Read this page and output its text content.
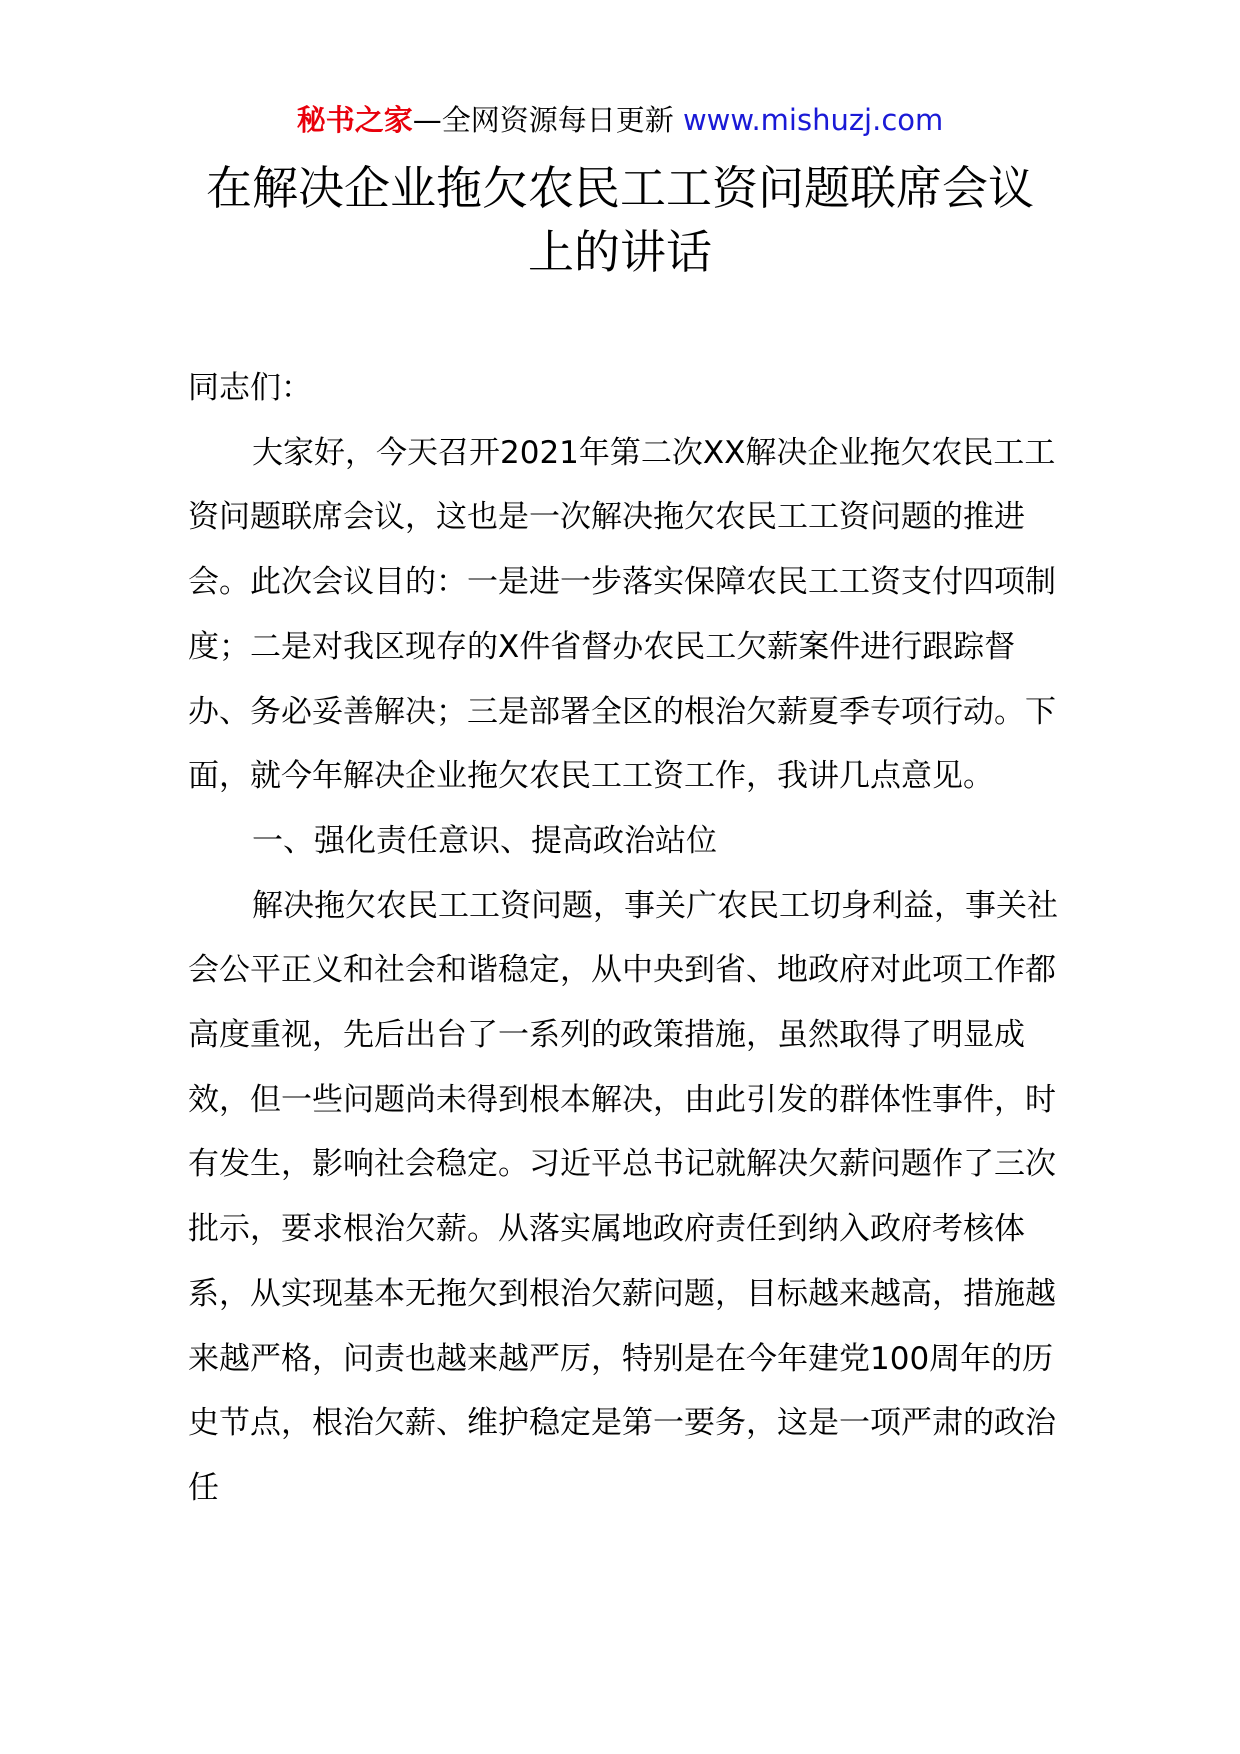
秘书之家—全网资源每日更新 www.mishuzj.com
在解决企业拖欠农民工工资问题联席会议
上的讲话

同志们：

大家好，今天召开2021年第二次XX解决企业拖欠农民工工资问题联席会议，这也是一次解决拖欠农民工工资问题的推进会。此次会议目的：一是进一步落实保障农民工工资支付四项制度；二是对我区现存的X件省督办农民工欠薪案件进行跟踪督办、务必妥善解决；三是部署全区的根治欠薪夏季专项行动。下面，就今年解决企业拖欠农民工工资工作，我讲几点意见。

一、强化责任意识、提高政治站位

解决拖欠农民工工资问题，事关广农民工切身利益，事关社会公平正义和社会和谐稳定，从中央到省、地政府对此项工作都高度重视，先后出台了一系列的政策措施，虽然取得了明显成效，但一些问题尚未得到根本解决，由此引发的群体性事件，时有发生，影响社会稳定。习近平总书记就解决欠薪问题作了三次批示，要求根治欠薪。从落实属地政府责任到纳入政府考核体系，从实现基本无拖欠到根治欠薪问题，目标越来越高，措施越来越严格，问责也越来越严厉，特别是在今年建党100周年的历史节点，根治欠薪、维护稳定是第一要务，这是一项严肃的政治任
